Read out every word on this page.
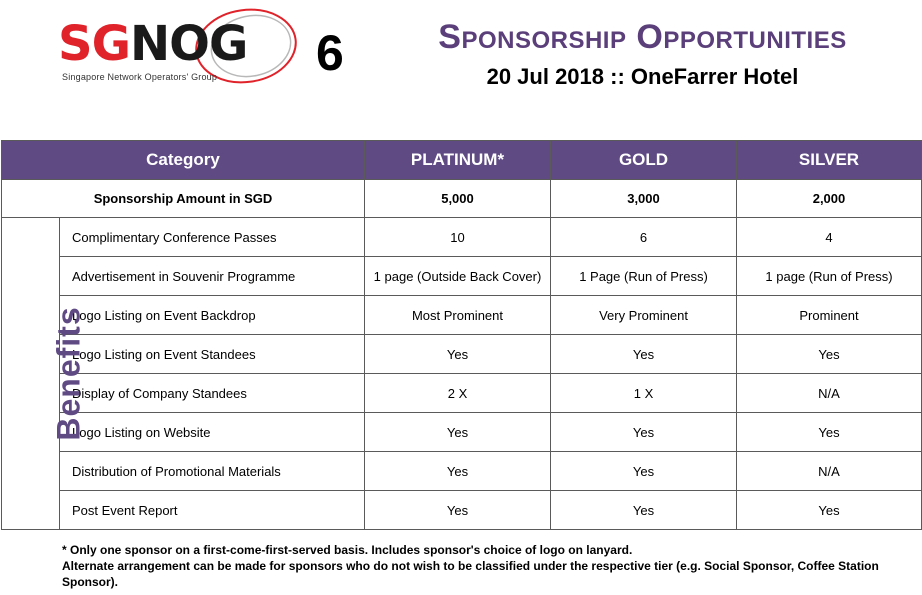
SGNOG
Singapore Network Operators' Group 6	Sponsorship Opportunities
20 Jul 2018 :: OneFarrer Hotel
Category		PLATINUM*	GOLD	SILVER
Sponsorship Amount in SGD		5,000	3,000	2,000
Benefits	Complimentary Conference Passes	10	6	4
	Advertisement in Souvenir Programme	1 page (Outside Back Cover)	1 Page (Run of Press)	1 page (Run of Press)
	Logo Listing on Event Backdrop	Most Prominent	Very Prominent	Prominent
	Logo Listing on Event Standees	Yes	Yes	Yes
	Display of Company Standees	2 X	1 X	N/A
	Logo Listing on Website	Yes	Yes	Yes
	Distribution of Promotional Materials	Yes	Yes	N/A
	Post Event Report	Yes	Yes	Yes
* Only one sponsor on a first-come-first-served basis. Includes sponsor's choice of logo on lanyard.
Alternate arrangement can be made for sponsors who do not wish to be classified under the respective tier (e.g. Social Sponsor, Coffee Station Sponsor).
